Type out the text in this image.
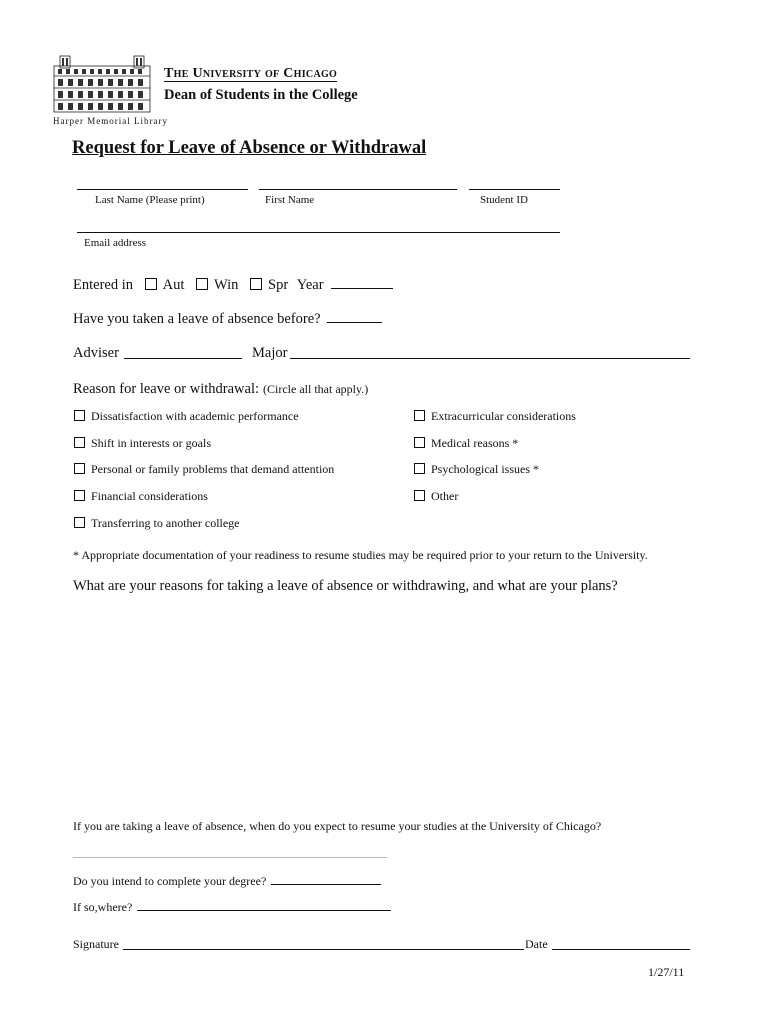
Harper Memorial Library
The University of Chicago
Dean of Students in the College
Request for Leave of Absence or Withdrawal
Last Name (Please print)	First Name	Student ID
Email address
Entered in Aut Win Spr Year
Have you taken a leave of absence before?
Adviser	Major
Reason for leave or withdrawal: (Circle all that apply.)
Dissatisfaction with academic performance
Shift in interests or goals
Personal or family problems that demand attention
Financial considerations
Transferring to another college
Extracurricular considerations
Medical reasons *
Psychological issues *
Other
* Appropriate documentation of your readiness to resume studies may be required prior to your return to the University.
What are your reasons for taking a leave of absence or withdrawing, and what are your plans?
If you are taking a leave of absence, when do you expect to resume your studies at the University of Chicago?
Do you intend to complete your degree?
If so,where?
Signature	Date
1/27/11
